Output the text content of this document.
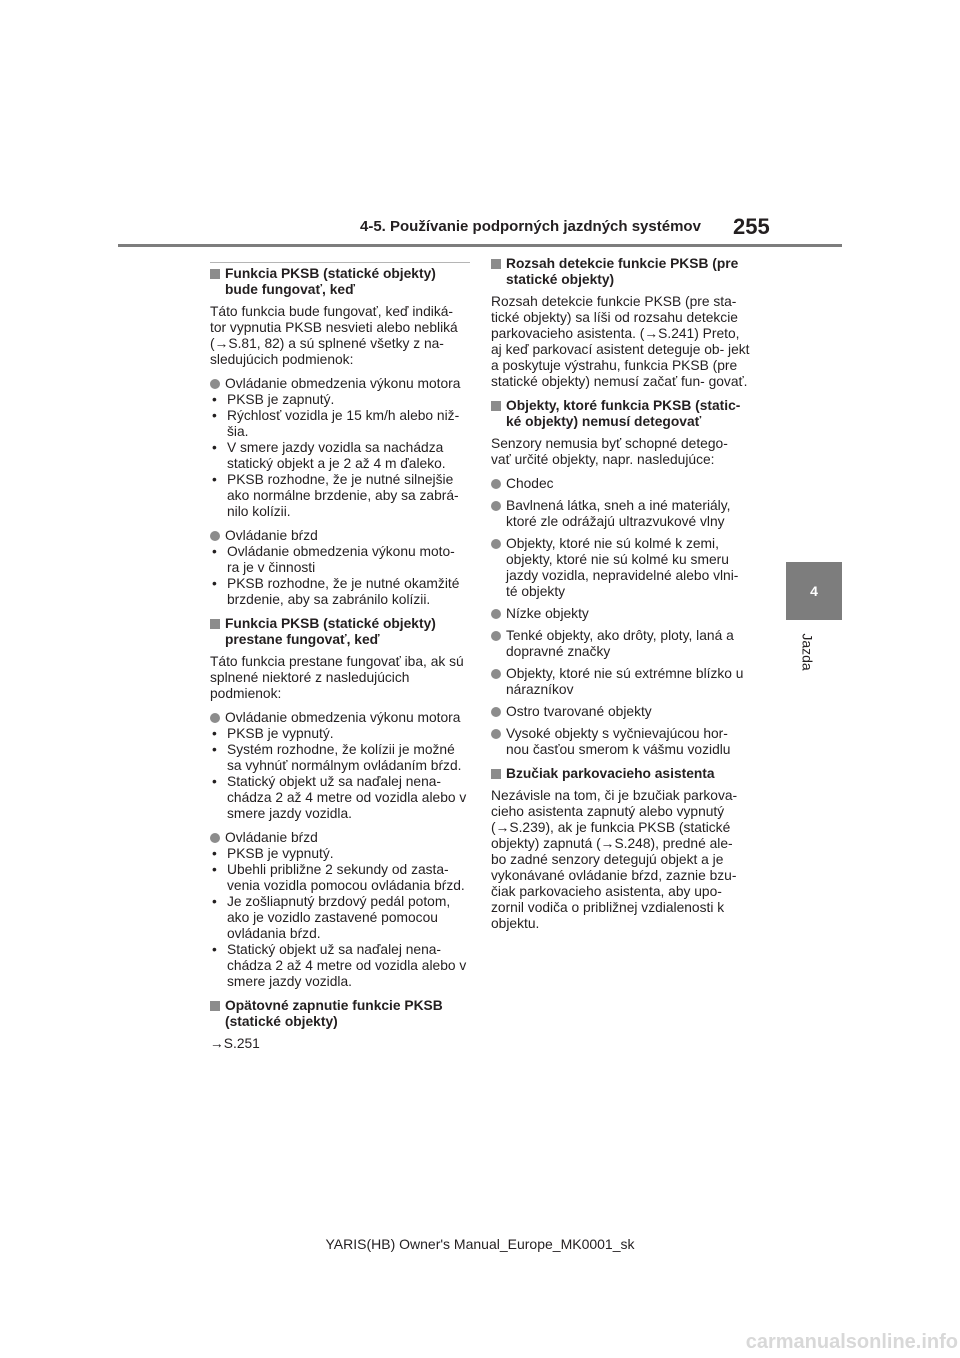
4-5. Používanie podporných jazdných systémov 255
4
Jazda
Funkcia PKSB (statické objekty) bude fungovať, keď
Táto funkcia bude fungovať, keď indiká- tor vypnutia PKSB nesvieti alebo nebliká (→S.81, 82) a sú splnené všetky z na- sledujúcich podmienok:
Ovládanie obmedzenia výkonu motora
• PKSB je zapnutý.
• Rýchlosť vozidla je 15 km/h alebo niž- šia.
• V smere jazdy vozidla sa nachádza statický objekt a je 2 až 4 m ďaleko.
• PKSB rozhodne, že je nutné silnejšie ako normálne brzdenie, aby sa zabrá- nilo kolízii.
Ovládanie bŕzd
• Ovládanie obmedzenia výkonu moto- ra je v činnosti
• PKSB rozhodne, že je nutné okamžité brzdenie, aby sa zabránilo kolízii.
Funkcia PKSB (statické objekty) prestane fungovať, keď
Táto funkcia prestane fungovať iba, ak sú splnené niektoré z nasledujúcich podmienok:
Ovládanie obmedzenia výkonu motora
• PKSB je vypnutý.
• Systém rozhodne, že kolízii je možné sa vyhnúť normálnym ovládaním bŕzd.
• Statický objekt už sa naďalej nena- chádza 2 až 4 metre od vozidla alebo v smere jazdy vozidla.
Ovládanie bŕzd
• PKSB je vypnutý.
• Ubehli približne 2 sekundy od zasta- venia vozidla pomocou ovládania bŕzd.
• Je zošliapnutý brzdový pedál potom, ako je vozidlo zastavené pomocou ovládania bŕzd.
• Statický objekt už sa naďalej nena- chádza 2 až 4 metre od vozidla alebo v smere jazdy vozidla.
Opätovné zapnutie funkcie PKSB (statické objekty)
→S.251
Rozsah detekcie funkcie PKSB (pre statické objekty)
Rozsah detekcie funkcie PKSB (pre sta- tické objekty) sa líši od rozsahu detekcie parkovacieho asistenta. (→S.241) Preto, aj keď parkovací asistent deteguje ob- jekt a poskytuje výstrahu, funkcia PKSB (pre statické objekty) nemusí začať fun- govať.
Objekty, ktoré funkcia PKSB (static- ké objekty) nemusí detegovať
Senzory nemusia byť schopné detego- vať určité objekty, napr. nasledujúce:
Chodec
Bavlnená látka, sneh a iné materiály, ktoré zle odrážajú ultrazvukové vlny
Objekty, ktoré nie sú kolmé k zemi, objekty, ktoré nie sú kolmé ku smeru jazdy vozidla, nepravidelné alebo vlni- té objekty
Nízke objekty
Tenké objekty, ako drôty, ploty, laná a dopravné značky
Objekty, ktoré nie sú extrémne blízko u nárazníkov
Ostro tvarované objekty
Vysoké objekty s vyčnievajúcou hor- nou časťou smerom k vášmu vozidlu
Bzučiak parkovacieho asistenta
Nezávisle na tom, či je bzučiak parkova- cieho asistenta zapnutý alebo vypnutý (→S.239), ak je funkcia PKSB (statické objekty) zapnutá (→S.248), predné ale- bo zadné senzory detegujú objekt a je vykonávané ovládanie bŕzd, zaznie bzu- čiak parkovacieho asistenta, aby upo- zornil vodiča o približnej vzdialenosti k objektu.
YARIS(HB) Owner's Manual_Europe_MK0001_sk
carmanualsonline.info
